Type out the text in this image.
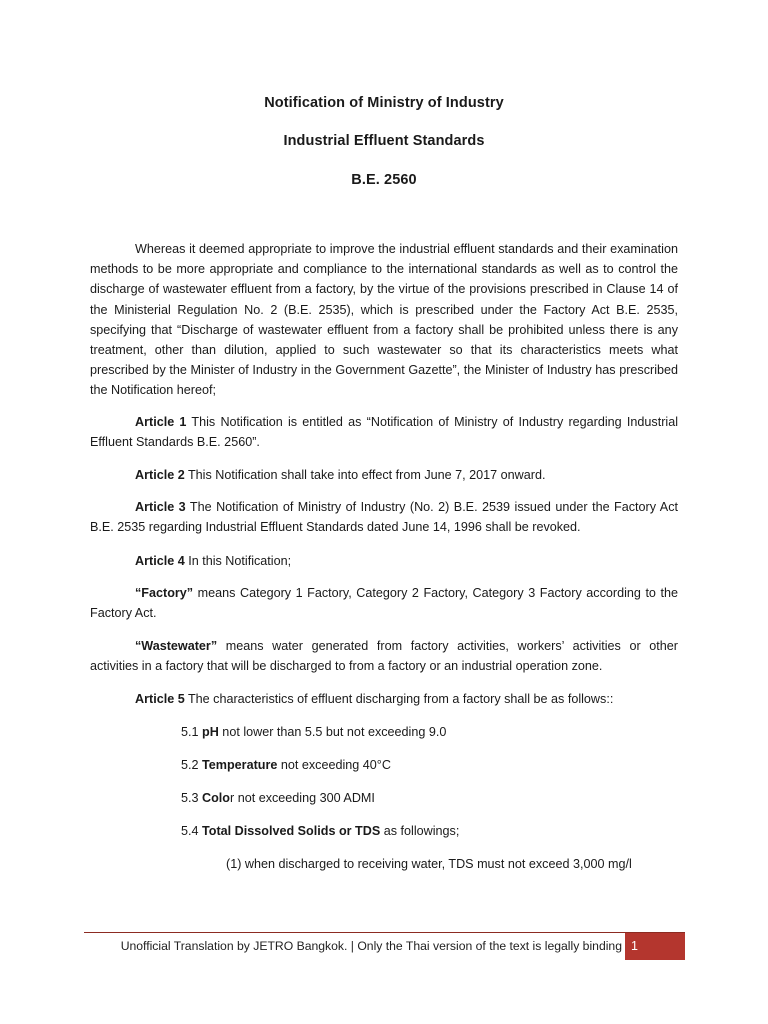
Notification of Ministry of Industry
Industrial Effluent Standards
B.E. 2560
Whereas it deemed appropriate to improve the industrial effluent standards and their examination methods to be more appropriate and compliance to the international standards as well as to control the discharge of wastewater effluent from a factory, by the virtue of the provisions prescribed in Clause 14 of the Ministerial Regulation No. 2 (B.E. 2535), which is prescribed under the Factory Act B.E. 2535, specifying that “Discharge of wastewater effluent from a factory shall be prohibited unless there is any treatment, other than dilution, applied to such wastewater so that its characteristics meets what prescribed by the Minister of Industry in the Government Gazette”, the Minister of Industry has prescribed the Notification hereof;
Article 1 This Notification is entitled as “Notification of Ministry of Industry regarding Industrial Effluent Standards B.E. 2560”.
Article 2 This Notification shall take into effect from June 7, 2017 onward.
Article 3 The Notification of Ministry of Industry (No. 2) B.E. 2539 issued under the Factory Act B.E. 2535 regarding Industrial Effluent Standards dated June 14, 1996 shall be revoked.
Article 4 In this Notification;
“Factory” means Category 1 Factory, Category 2 Factory, Category 3 Factory according to the Factory Act.
“Wastewater” means water generated from factory activities, workers’ activities or other activities in a factory that will be discharged to from a factory or an industrial operation zone.
Article 5 The characteristics of effluent discharging from a factory shall be as follows::
5.1 pH not lower than 5.5 but not exceeding 9.0
5.2 Temperature not exceeding 40°C
5.3 Color not exceeding 300 ADMI
5.4 Total Dissolved Solids or TDS as followings;
(1) when discharged to receiving water, TDS must not exceed 3,000 mg/l
Unofficial Translation by JETRO Bangkok. | Only the Thai version of the text is legally binding 1
